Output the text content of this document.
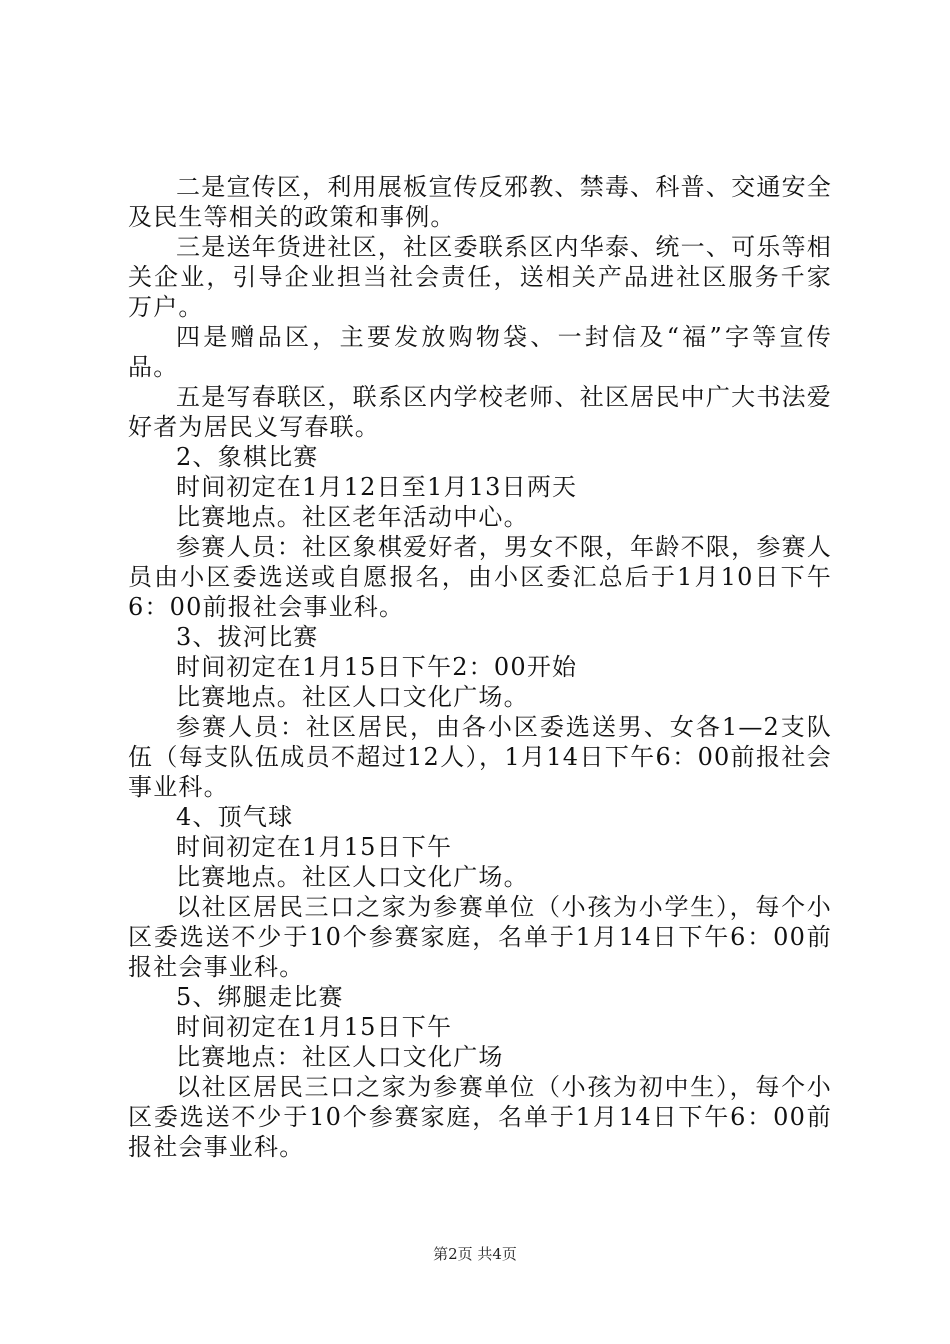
二是宣传区，利用展板宣传反邪教、禁毒、科普、交通安全及民生等相关的政策和事例。

三是送年货进社区，社区委联系区内华泰、统一、可乐等相关企业，引导企业担当社会责任，送相关产品进社区服务千家万户。

四是赠品区，主要发放购物袋、一封信及“福”字等宣传品。

五是写春联区，联系区内学校老师、社区居民中广大书法爱好者为居民义写春联。

2、象棋比赛

时间初定在1月12日至1月13日两天

比赛地点。社区老年活动中心。

参赛人员：社区象棋爱好者，男女不限，年龄不限，参赛人员由小区委选送或自愿报名，由小区委汇总后于1月10日下午6：00前报社会事业科。

3、拔河比赛

时间初定在1月15日下午2：00开始

比赛地点。社区人口文化广场。

参赛人员：社区居民，由各小区委选送男、女各1—2支队伍（每支队伍成员不超过12人），1月14日下午6：00前报社会事业科。

4、顶气球

时间初定在1月15日下午

比赛地点。社区人口文化广场。

以社区居民三口之家为参赛单位（小孩为小学生），每个小区委选送不少于10个参赛家庭，名单于1月14日下午6：00前报社会事业科。

5、绑腿走比赛

时间初定在1月15日下午

比赛地点：社区人口文化广场

以社区居民三口之家为参赛单位（小孩为初中生），每个小区委选送不少于10个参赛家庭，名单于1月14日下午6：00前报社会事业科。

第2页 共4页
